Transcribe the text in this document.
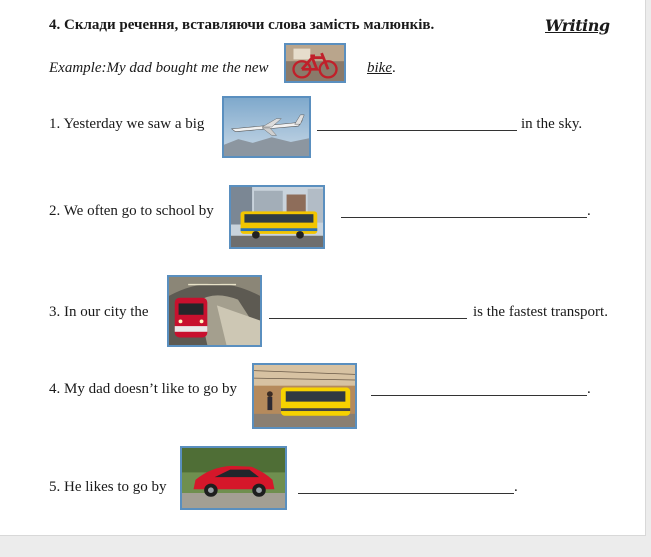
4. Склади речення, вставляючи слова замість малюнків.	Writing
Example:My dad bought me the new	bike.
1. Yesterday we saw a big	in the sky.
2. We often go to school by	.
3. In our city the	is the fastest transport.
4. My dad doesn’t like to go by	.
5. He likes to go by	.
